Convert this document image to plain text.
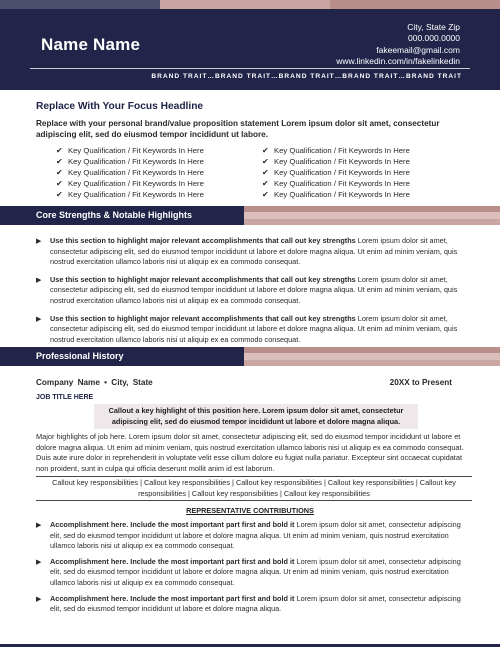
Name Name
City, State Zip
000.000.0000
fakeemail@gmail.com
www.linkedin.com/in/fakelinkedin
BRAND TRAIT…BRAND TRAIT…BRAND TRAIT…BRAND TRAIT…BRAND TRAIT
Replace With Your Focus Headline
Replace with your personal brand/value proposition statement Lorem ipsum dolor sit amet, consectetur adipiscing elit, sed do eiusmod tempor incididunt ut labore.
✔ Key Qualification / Fit Keywords In Here
✔ Key Qualification / Fit Keywords In Here
✔ Key Qualification / Fit Keywords In Here
✔ Key Qualification / Fit Keywords In Here
✔ Key Qualification / Fit Keywords In Here
✔ Key Qualification / Fit Keywords In Here
✔ Key Qualification / Fit Keywords In Here
✔ Key Qualification / Fit Keywords In Here
✔ Key Qualification / Fit Keywords In Here
✔ Key Qualification / Fit Keywords In Here
Core Strengths & Notable Highlights
▶ Use this section to highlight major relevant accomplishments that call out key strengths Lorem ipsum dolor sit amet, consectetur adipiscing elit, sed do eiusmod tempor incididunt ut labore et dolore magna aliqua. Ut enim ad minim veniam, quis nostrud exercitation ullamco laboris nisi ut aliquip ex ea commodo consequat.
▶ Use this section to highlight major relevant accomplishments that call out key strengths Lorem ipsum dolor sit amet, consectetur adipiscing elit, sed do eiusmod tempor incididunt ut labore et dolore magna aliqua. Ut enim ad minim veniam, quis nostrud exercitation ullamco laboris nisi ut aliquip ex ea commodo consequat.
▶ Use this section to highlight major relevant accomplishments that call out key strengths Lorem ipsum dolor sit amet, consectetur adipiscing elit, sed do eiusmod tempor incididunt ut labore et dolore magna aliqua. Ut enim ad minim veniam, quis nostrud exercitation ullamco laboris nisi ut aliquip ex ea commodo consequat.
Professional History
Company Name • City, State	20XX to Present
JOB TITLE HERE
Callout a key highlight of this position here. Lorem ipsum dolor sit amet, consectetur adipiscing elit, sed do eiusmod tempor incididunt ut labore et dolore magna aliqua.
Major highlights of job here. Lorem ipsum dolor sit amet, consectetur adipiscing elit, sed do eiusmod tempor incididunt ut labore et dolore magna aliqua. Ut enim ad minim veniam, quis nostrud exercitation ullamco laboris nisi ut aliquip ex ea commodo consequat. Duis aute irure dolor in reprehenderit in voluptate velit esse cillum dolore eu fugiat nulla pariatur. Excepteur sint occaecat cupidatat non proident, sunt in culpa qui officia deserunt mollit anim id est laborum.
Callout key responsibilities | Callout key responsibilities | Callout key responsibilities | Callout key responsibilities | Callout key responsibilities | Callout key responsibilities | Callout key responsibilities
REPRESENTATIVE CONTRIBUTIONS
▶ Accomplishment here. Include the most important part first and bold it Lorem ipsum dolor sit amet, consectetur adipiscing elit, sed do eiusmod tempor incididunt ut labore et dolore magna aliqua. Ut enim ad minim veniam, quis nostrud exercitation ullamco laboris nisi ut aliquip ex ea commodo consequat.
▶ Accomplishment here. Include the most important part first and bold it Lorem ipsum dolor sit amet, consectetur adipiscing elit, sed do eiusmod tempor incididunt ut labore et dolore magna aliqua. Ut enim ad minim veniam, quis nostrud exercitation ullamco laboris nisi ut aliquip ex ea commodo consequat.
▶ Accomplishment here. Include the most important part first and bold it Lorem ipsum dolor sit amet, consectetur adipiscing elit, sed do eiusmod tempor incididunt ut labore et dolore magna aliqua.
